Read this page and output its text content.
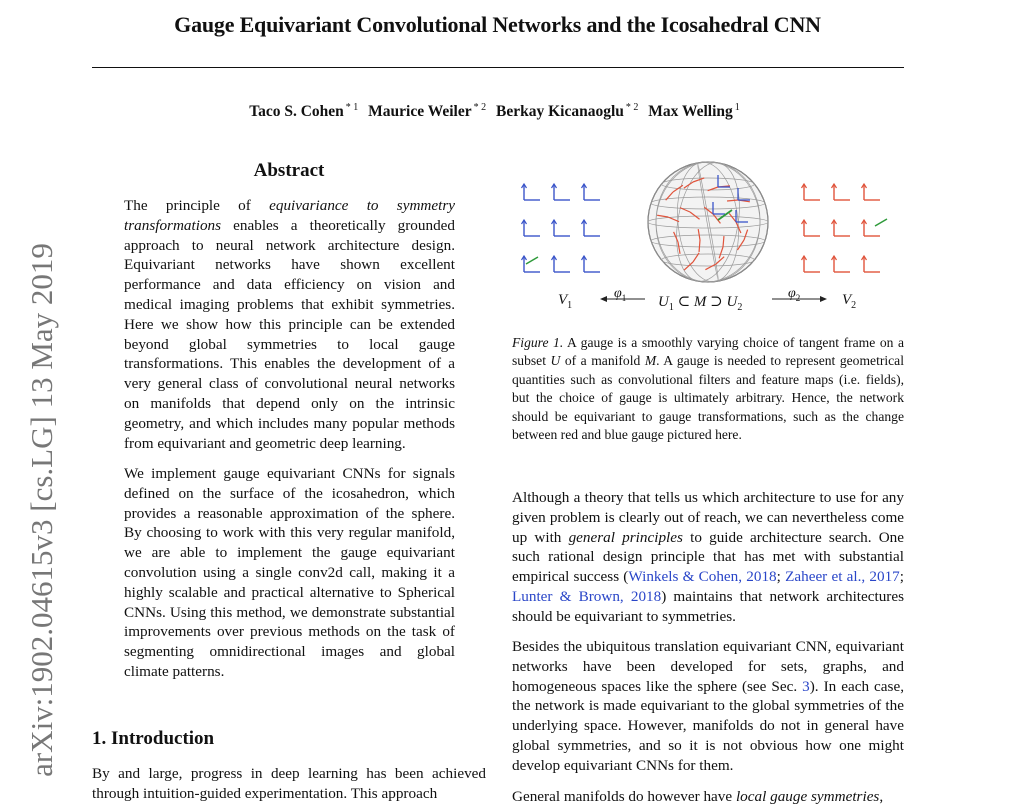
Gauge Equivariant Convolutional Networks and the Icosahedral CNN
Taco S. Cohen $^{* 1}$ Maurice Weiler $^{* 2}$ Berkay Kicanaoglu $^{* 2}$ Max Welling $^1$
arXiv:1902.04615v3 [cs.LG] 13 May 2019
Abstract

The principle of equivariance to symmetry transformations enables a theoretically grounded approach to neural network architecture design. Equivariant networks have shown excellent performance and data efficiency on vision and medical imaging problems that exhibit symmetries. Here we show how this principle can be extended beyond global symmetries to local gauge transformations. This enables the development of a very general class of convolutional neural networks on manifolds that depend only on the intrinsic geometry, and which includes many popular methods from equivariant and geometric deep learning.

We implement gauge equivariant CNNs for signals defined on the surface of the icosahedron, which provides a reasonable approximation of the sphere. By choosing to work with this very regular manifold, we are able to implement the gauge equivariant convolution using a single conv2d call, making it a highly scalable and practical alternative to Spherical CNNs. Using this method, we demonstrate substantial improvements over previous methods on the task of segmenting omnidirectional images and global climate patterns.

1. Introduction

By and large, progress in deep learning has been achieved through intuition-guided experimentation. This approach

$V_1$
$\varphi_1$ $U_1$ ⊂ M ⊃ $U_2$
$\varphi_2$	$V_2$
Figure 1. A gauge is a smoothly varying choice of tangent frame on a subset U of a manifold M. A gauge is needed to represent geometrical quantities such as convolutional filters and feature maps (i.e. fields), but the choice of gauge is ultimately arbitrary. Hence, the network should be equivariant to gauge transformations, such as the change between red and blue gauge pictured here.

Although a theory that tells us which architecture to use for any given problem is clearly out of reach, we can nevertheless come up with general principles to guide architecture search. One such rational design principle that has met with substantial empirical success (Winkels & Cohen, 2018; Zaheer et al., 2017; Lunter & Brown, 2018) maintains that network architectures should be equivariant to symmetries.

Besides the ubiquitous translation equivariant CNN, equivariant networks have been developed for sets, graphs, and homogeneous spaces like the sphere (see Sec. 3). In each case, the network is made equivariant to the global symmetries of the underlying space. However, manifolds do not in general have global symmetries, and so it is not obvious how one might develop equivariant CNNs for them.

General manifolds do however have local gauge symmetries,
